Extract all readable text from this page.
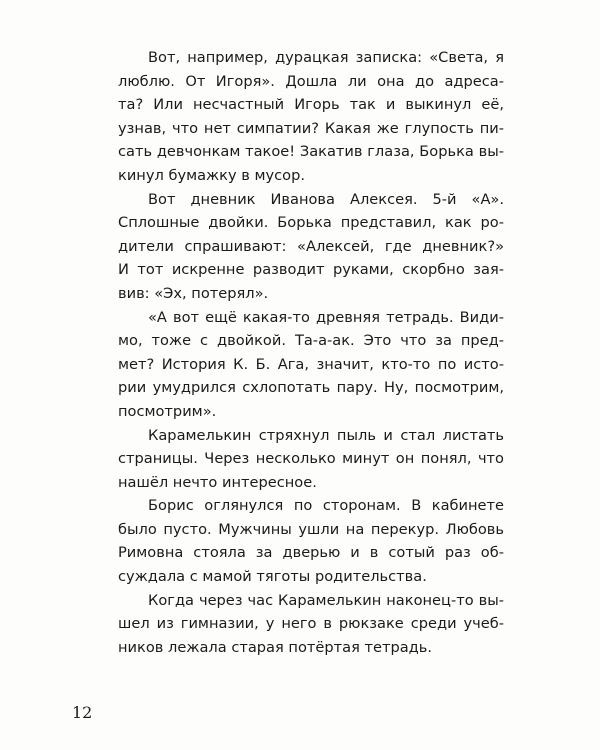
Вот, например, дурацкая записка: «Света, я
люблю. От Игоря». Дошла ли она до адреса-
та? Или несчастный Игорь так и выкинул её,
узнав, что нет симпатии? Какая же глупость пи-
сать девчонкам такое! Закатив глаза, Борька вы-
кинул бумажку в мусор.
Вот дневник Иванова Алексея. 5-й «А».
Сплошные двойки. Борька представил, как ро-
дители спрашивают: «Алексей, где дневник?»
И тот искренне разводит руками, скорбно зая-
вив: «Эх, потерял».
«А вот ещё какая-то древняя тетрадь. Види-
мо, тоже с двойкой. Та-а-ак. Это что за пред-
мет? История К. Б. Ага, значит, кто-то по исто-
рии умудрился схлопотать пару. Ну, посмотрим,
посмотрим».
Карамелькин стряхнул пыль и стал листать
страницы. Через несколько минут он понял, что
нашёл нечто интересное.
Борис оглянулся по сторонам. В кабинете
было пусто. Мужчины ушли на перекур. Любовь
Римовна стояла за дверью и в сотый раз об-
суждала с мамой тяготы родительства.
Когда через час Карамелькин наконец-то вы-
шел из гимназии, у него в рюкзаке среди учеб-
ников лежала старая потёртая тетрадь.
12
